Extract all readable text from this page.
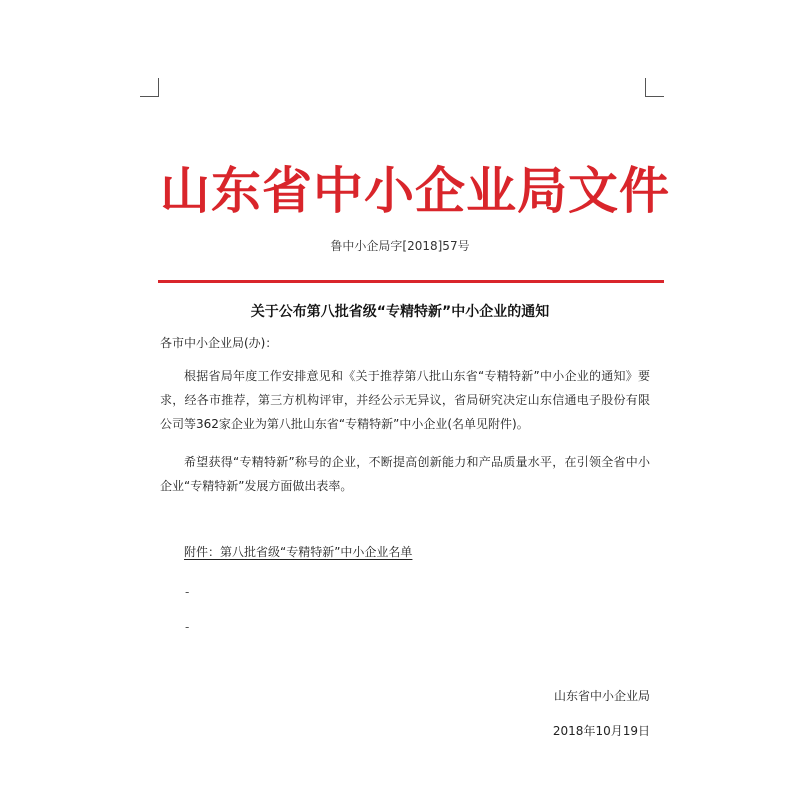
山东省中小企业局文件
鲁中小企局字[2018]57号
关于公布第八批省级“专精特新”中小企业的通知
各市中小企业局(办)：

根据省局年度工作安排意见和《关于推荐第八批山东省“专精特新”中小企业的通知》要求，经各市推荐，第三方机构评审，并经公示无异议，省局研究决定山东信通电子股份有限公司等362家企业为第八批山东省“专精特新”中小企业(名单见附件)。

希望获得“专精特新”称号的企业，不断提高创新能力和产品质量水平，在引领全省中小企业“专精特新”发展方面做出表率。

附件：第八批省级“专精特新”中小企业名单
-
-
山东省中小企业局
2018年10月19日
